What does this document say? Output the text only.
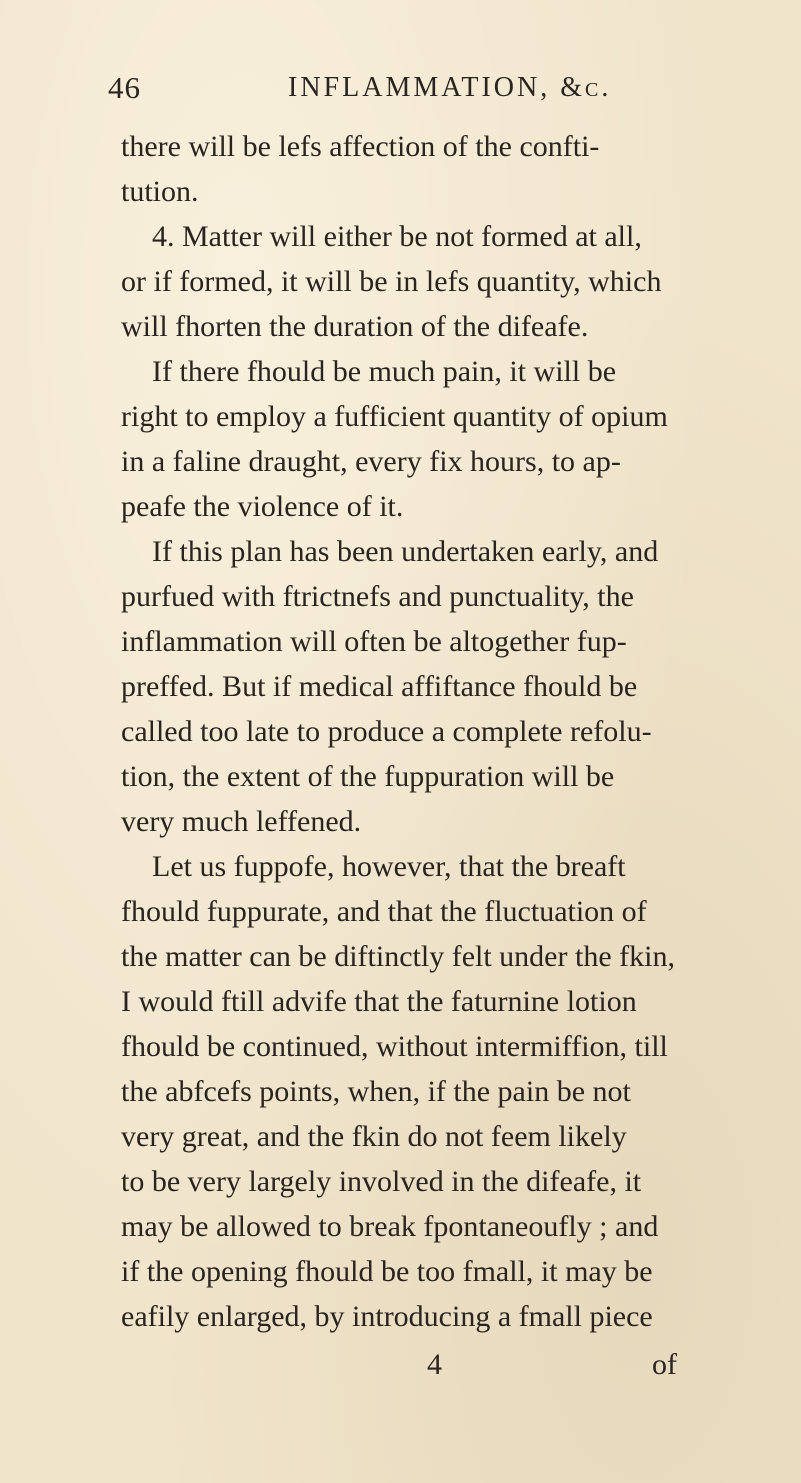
46	INFLAMMATION, &c.
there will be lefs affection of the confti-
tution.
4. Matter will either be not formed at all,
or if formed, it will be in lefs quantity, which
will fhorten the duration of the difeafe.
If there fhould be much pain, it will be
right to employ a fufficient quantity of opium
in a faline draught, every fix hours, to ap-
peafe the violence of it.
If this plan has been undertaken early, and
purfued with ftrictnefs and punctuality, the
inflammation will often be altogether fup-
preffed. But if medical affiftance fhould be
called too late to produce a complete refolu-
tion, the extent of the fuppuration will be
very much leffened.
Let us fuppofe, however, that the breaft
fhould fuppurate, and that the fluctuation of
the matter can be diftinctly felt under the fkin,
I would ftill advife that the faturnine lotion
fhould be continued, without intermiffion, till
the abfcefs points, when, if the pain be not
very great, and the fkin do not feem likely
to be very largely involved in the difeafe, it
may be allowed to break fpontaneoufly ; and
if the opening fhould be too fmall, it may be
eafily enlarged, by introducing a fmall piece
4	of
